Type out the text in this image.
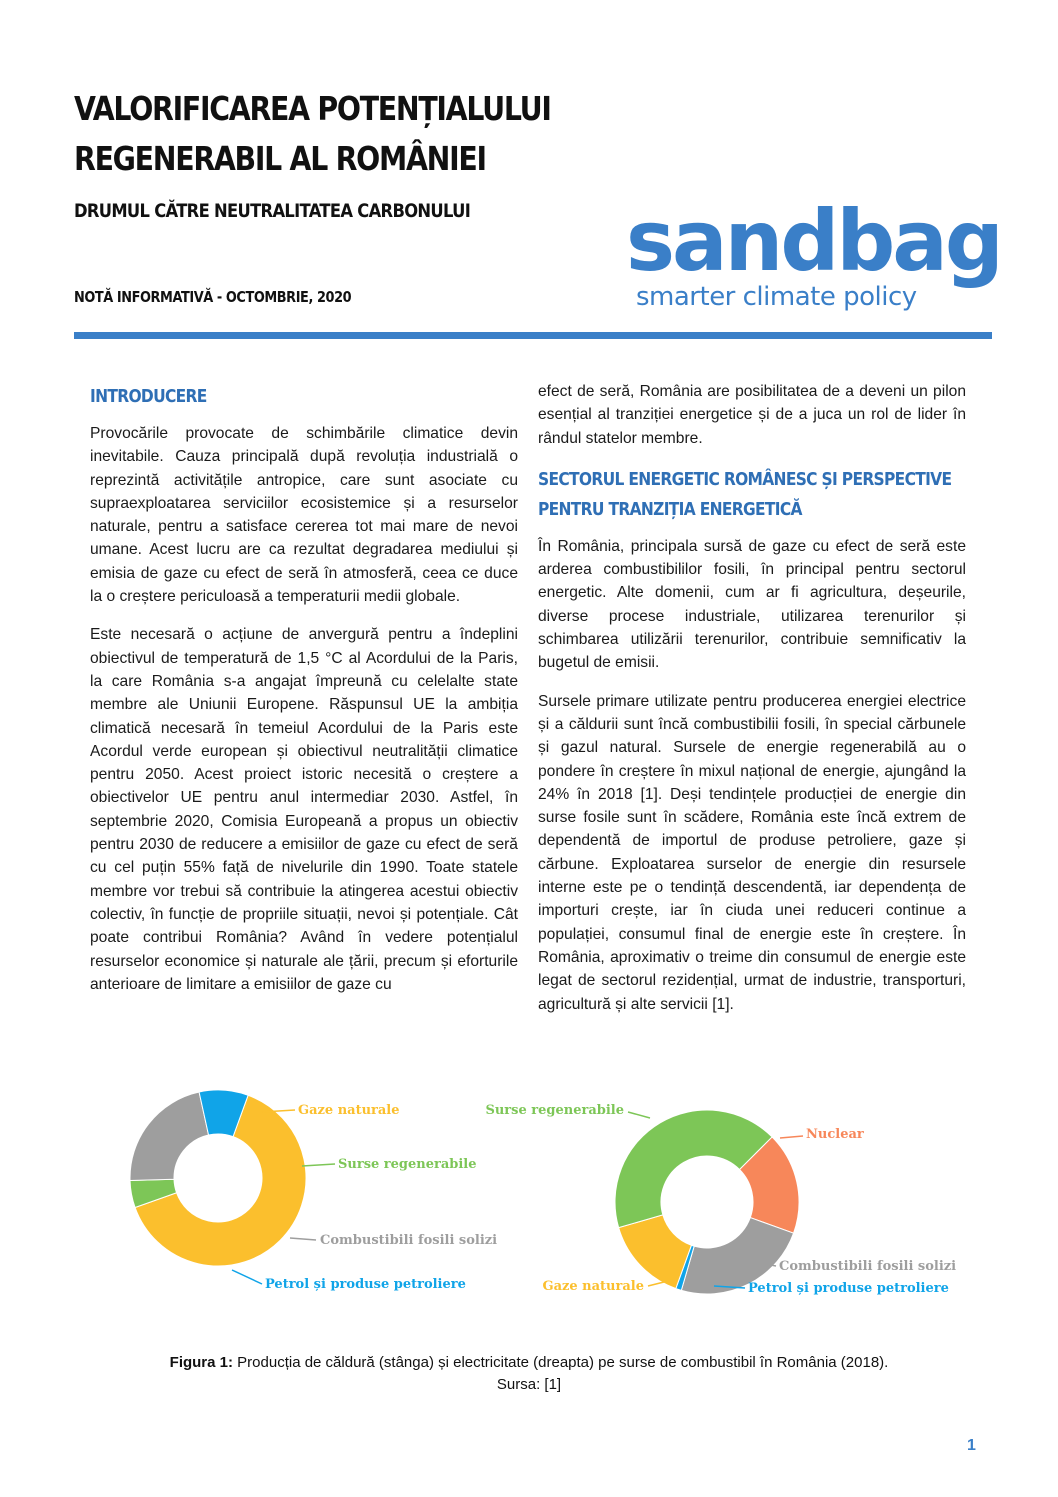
VALORIFICAREA POTENȚIALULUI
REGENERABIL AL ROMÂNIEI
DRUMUL CĂTRE NEUTRALITATEA CARBONULUI
NOTĂ INFORMATIVĂ - OCTOMBRIE, 2020
sandbag
smarter climate policy
INTRODUCERE

Provocările provocate de schimbările climatice devin inevitabile. Cauza principală după revoluția industrială o reprezintă activitățile antropice, care sunt asociate cu supraexploatarea serviciilor ecosistemice și a resurselor naturale, pentru a satisface cererea tot mai mare de nevoi umane. Acest lucru are ca rezultat degradarea mediului și emisia de gaze cu efect de seră în atmosferă, ceea ce duce la o creștere periculoasă a temperaturii medii globale.

Este necesară o acțiune de anvergură pentru a îndeplini obiectivul de temperatură de 1,5 °C al Acordului de la Paris, la care România s-a angajat împreună cu celelalte state membre ale Uniunii Europene. Răspunsul UE la ambiția climatică necesară în temeiul Acordului de la Paris este Acordul verde european și obiectivul neutralității climatice pentru 2050. Acest proiect istoric necesită o creștere a obiectivelor UE pentru anul intermediar 2030. Astfel, în septembrie 2020, Comisia Europeană a propus un obiectiv pentru 2030 de reducere a emisiilor de gaze cu efect de seră cu cel puțin 55% față de nivelurile din 1990. Toate statele membre vor trebui să contribuie la atingerea acestui obiectiv colectiv, în funcție de propriile situații, nevoi și potențiale. Cât poate contribui România? Având în vedere potențialul resurselor economice și naturale ale țării, precum și eforturile anterioare de limitare a emisiilor de gaze cu

efect de seră, România are posibilitatea de a deveni un pilon esențial al tranziției energetice și de a juca un rol de lider în rândul statelor membre.

SECTORUL ENERGETIC ROMÂNESC ȘI PERSPECTIVE
PENTRU TRANZIȚIA ENERGETICĂ

În România, principala sursă de gaze cu efect de seră este arderea combustibililor fosili, în principal pentru sectorul energetic. Alte domenii, cum ar fi agricultura, deșeurile, diverse procese industriale, utilizarea terenurilor și schimbarea utilizării terenurilor, contribuie semnificativ la bugetul de emisii.

Sursele primare utilizate pentru producerea energiei electrice și a căldurii sunt încă combustibilii fosili, în special cărbunele și gazul natural. Sursele de energie regenerabilă au o pondere în creștere în mixul național de energie, ajungând la 24% în 2018 [1]. Deși tendințele producției de energie din surse fosile sunt în scădere, România este încă extrem de dependentă de importul de produse petroliere, gaze și cărbune. Exploatarea surselor de energie din resursele interne este pe o tendință descendentă, iar dependența de importuri crește, iar în ciuda unei reduceri continue a populației, consumul final de energie este în creștere. În România, aproximativ o treime din consumul de energie este legat de sectorul rezidențial, urmat de industrie, transporturi, agricultură și alte servicii [1].

Gaze naturale
Surse regenerabile
Combustibili fosili solizi
Petrol și produse petroliere
Nuclear
Combustibili fosili solizi
Petrol și produse petroliere
Gaze naturale
Surse regenerabile
Figura 1: Producția de căldură (stânga) și electricitate (dreapta) pe surse de combustibil în România (2018).
Sursa: [1]
1
